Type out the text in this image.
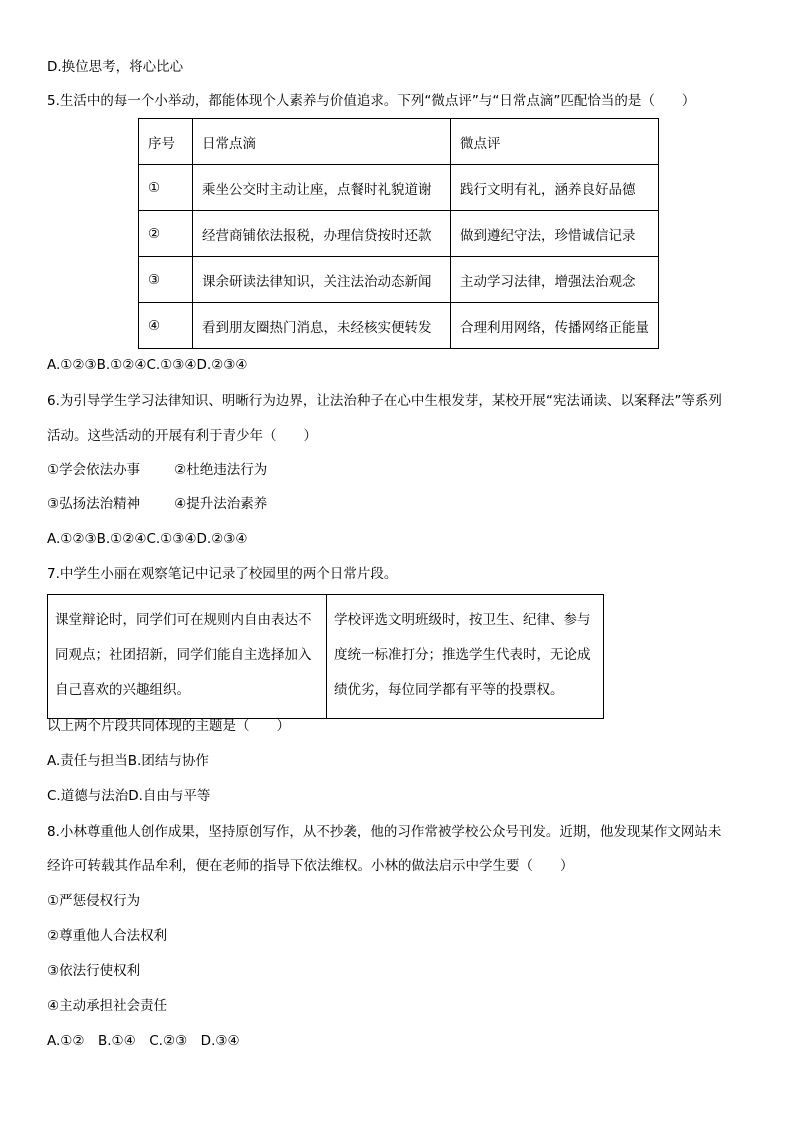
D.换位思考，将心比心
5.生活中的每一个小举动，都能体现个人素养与价值追求。下列“微点评”与“日常点滴”匹配恰当的是（　　）
序号	日常点滴	微点评
①	乘坐公交时主动让座，点餐时礼貌道谢	践行文明有礼，涵养良好品德
②	经营商铺依法报税，办理信贷按时还款	做到遵纪守法，珍惜诚信记录
③	课余研读法律知识，关注法治动态新闻	主动学习法律，增强法治观念
④	看到朋友圈热门消息，未经核实便转发	合理利用网络，传播网络正能量
A.①②③B.①②④C.①③④D.②③④
6.为引导学生学习法律知识、明晰行为边界，让法治种子在心中生根发芽，某校开展“宪法诵读、以案释法”等系列
活动。这些活动的开展有利于青少年（　　）
①学会依法办事	②杜绝违法行为
③弘扬法治精神	④提升法治素养
A.①②③B.①②④C.①③④D.②③④
7.中学生小丽在观察笔记中记录了校园里的两个日常片段。
课堂辩论时，同学们可在规则内自由表达不同观点；社团招新，同学们能自主选择加入自己喜欢的兴趣组织。	学校评选文明班级时，按卫生、纪律、参与度统一标准打分；推选学生代表时，无论成绩优劣，每位同学都有平等的投票权。
以上两个片段共同体现的主题是（　　）
A.责任与担当B.团结与协作
C.道德与法治D.自由与平等
8.小林尊重他人创作成果，坚持原创写作，从不抄袭，他的习作常被学校公众号刊发。近期，他发现某作文网站未
经许可转载其作品牟利，便在老师的指导下依法维权。小林的做法启示中学生要（　　）
①严惩侵权行为
②尊重他人合法权利
③依法行使权利
④主动承担社会责任
A.①②　B.①④　C.②③　D.③④
